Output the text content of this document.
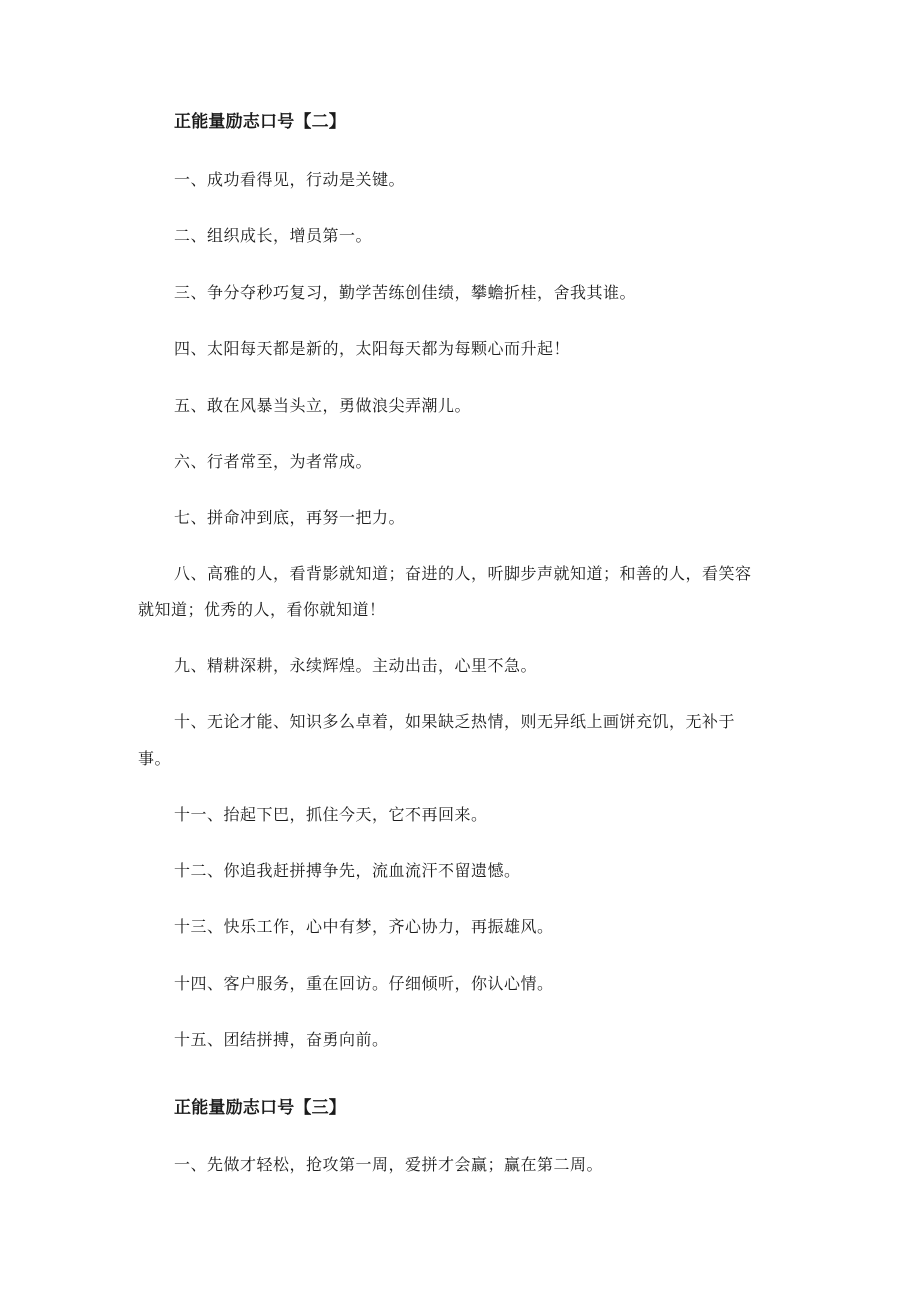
正能量励志口号【二】
一、成功看得见，行动是关键。
二、组织成长，增员第一。
三、争分夺秒巧复习，勤学苦练创佳绩，攀蟾折桂，舍我其谁。
四、太阳每天都是新的，太阳每天都为每颗心而升起！
五、敢在风暴当头立，勇做浪尖弄潮儿。
六、行者常至，为者常成。
七、拼命冲到底，再努一把力。
八、高雅的人，看背影就知道；奋进的人，听脚步声就知道；和善的人，看笑容
就知道；优秀的人，看你就知道！
九、精耕深耕，永续辉煌。主动出击，心里不急。
十、无论才能、知识多么卓着，如果缺乏热情，则无异纸上画饼充饥，无补于
事。
十一、抬起下巴，抓住今天，它不再回来。
十二、你追我赶拼搏争先，流血流汗不留遗憾。
十三、快乐工作，心中有梦，齐心协力，再振雄风。
十四、客户服务，重在回访。仔细倾听，你认心情。
十五、团结拼搏，奋勇向前。
正能量励志口号【三】
一、先做才轻松，抢攻第一周，爱拼才会赢；赢在第二周。
